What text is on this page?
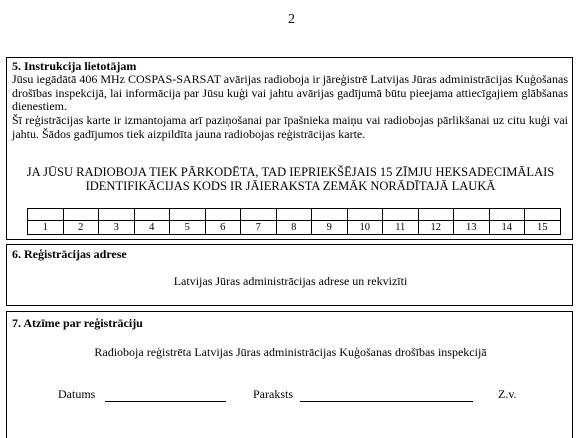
2
5. Instrukcija lietotājam
Jūsu iegādātā 406 MHz COSPAS-SARSAT avārijas radioboja ir jāreģistrē Latvijas Jūras administrācijas Kuģošanas drošības inspekcijā, lai informācija par Jūsu kuģi vai jahtu avārijas gadījumā būtu pieejama attiecīgajiem glābšanas dienestiem.
Šī reģistrācijas karte ir izmantojama arī paziņošanai par īpašnieka maiņu vai radiobojas pārlikšanai uz citu kuģi vai jahtu. Šādos gadījumos tiek aizpildīta jauna radiobojas reģistrācijas karte.
JA JŪSU RADIOBOJA TIEK PĀRKODĒTA, TAD IEPRIEKŠĒJAIS 15 ZĪMJU HEKSADECIMĀLAIS
IDENTIFIKĀCIJAS KODS IR JĀIERAKSTA ZEMĀK NORĀDĪTAJĀ LAUKĀ

1	2	3	4	5	6	7	8	9	10	11	12	13	14	15
6. Reģistrācijas adrese
Latvijas Jūras administrācijas adrese un rekvizīti
7. Atzīme par reģistrāciju
Radioboja reģistrēta Latvijas Jūras administrācijas Kuģošanas drošības inspekcijā
Datums	Paraksts	Z.v.
